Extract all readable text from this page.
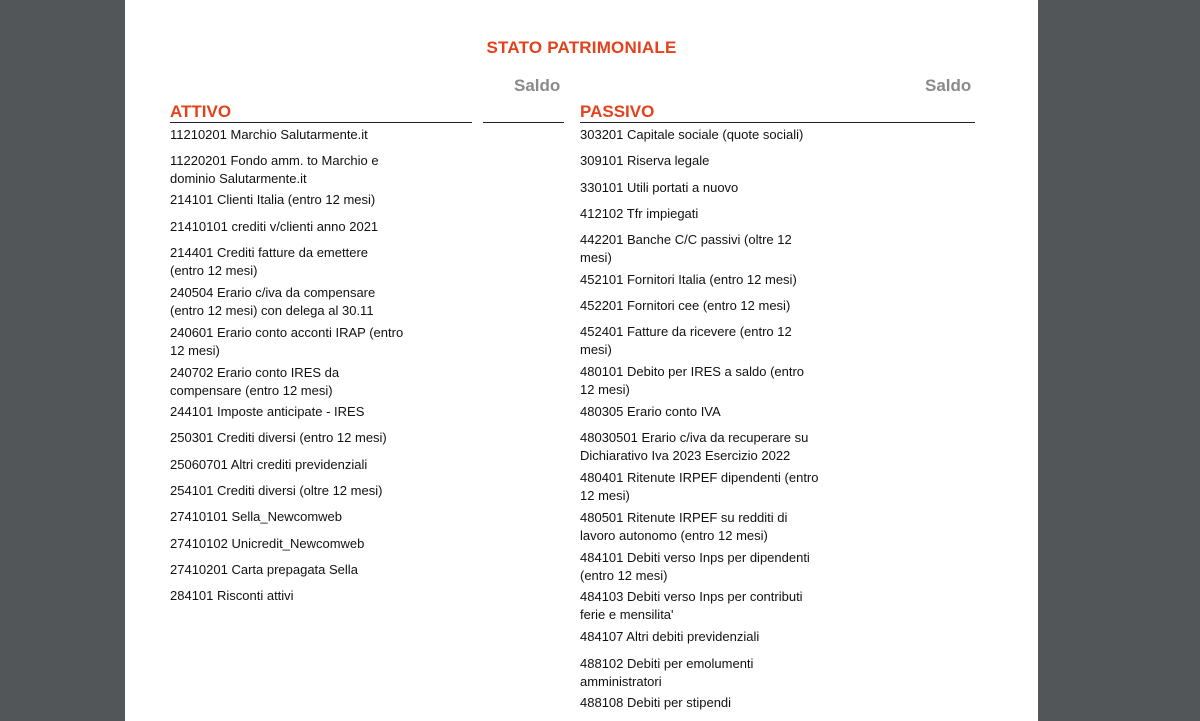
STATO PATRIMONIALE
Saldo	Saldo
ATTIVO	PASSIVO
11210201 Marchio Salutarmente.it
11220201 Fondo amm. to Marchio e
dominio Salutarmente.it
214101 Clienti Italia (entro 12 mesi)
21410101 crediti v/clienti anno 2021
214401 Crediti fatture da emettere
(entro 12 mesi)
240504 Erario c/iva da compensare
(entro 12 mesi) con delega al 30.11
240601 Erario conto acconti IRAP (entro
12 mesi)
240702 Erario conto IRES da
compensare (entro 12 mesi)
244101 Imposte anticipate - IRES
250301 Crediti diversi (entro 12 mesi)
25060701 Altri crediti previdenziali
254101 Crediti diversi (oltre 12 mesi)
27410101 Sella_Newcomweb
27410102 Unicredit_Newcomweb
27410201 Carta prepagata Sella
284101 Risconti attivi
303201 Capitale sociale (quote sociali)
309101 Riserva legale
330101 Utili portati a nuovo
412102 Tfr impiegati
442201 Banche C/C passivi (oltre 12
mesi)
452101 Fornitori Italia (entro 12 mesi)
452201 Fornitori cee (entro 12 mesi)
452401 Fatture da ricevere (entro 12
mesi)
480101 Debito per IRES a saldo (entro
12 mesi)
480305 Erario conto IVA
48030501 Erario c/iva da recuperare su
Dichiarativo Iva 2023 Esercizio 2022
480401 Ritenute IRPEF dipendenti (entro
12 mesi)
480501 Ritenute IRPEF su redditi di
lavoro autonomo (entro 12 mesi)
484101 Debiti verso Inps per dipendenti
(entro 12 mesi)
484103 Debiti verso Inps per contributi
ferie e mensilita'
484107 Altri debiti previdenziali
488102 Debiti per emolumenti
amministratori
488108 Debiti per stipendi
